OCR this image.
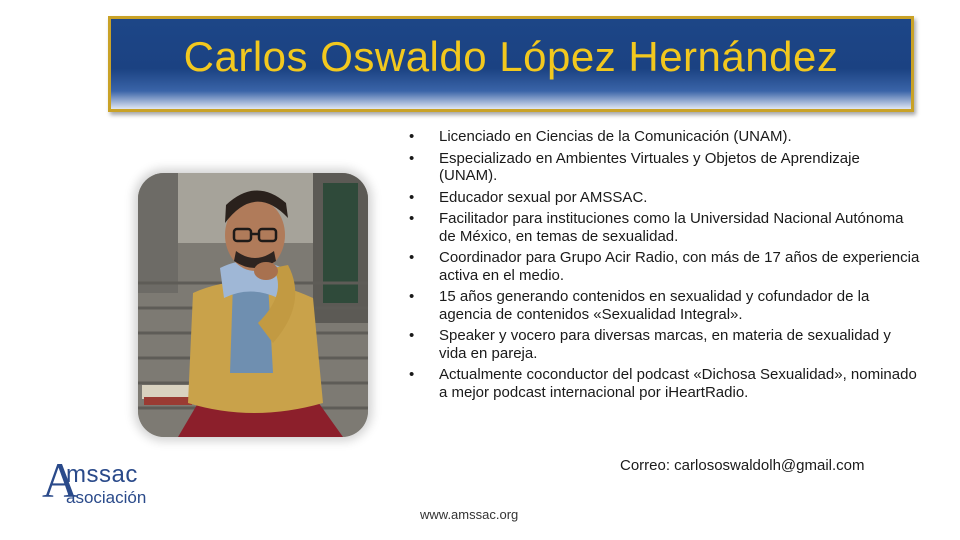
Carlos Oswaldo López Hernández
• Licenciado en Ciencias de la Comunicación (UNAM).
• Especializado en Ambientes Virtuales y Objetos de Aprendizaje (UNAM).
• Educador sexual por AMSSAC.
• Facilitador para instituciones como la Universidad Nacional Autónoma de México, en temas de sexualidad.
• Coordinador para Grupo Acir Radio, con más de 17 años de experiencia activa en el medio.
• 15 años generando contenidos en sexualidad y cofundador de la agencia de contenidos «Sexualidad Integral».
• Speaker y vocero para diversas marcas, en materia de sexualidad y vida en pareja.
• Actualmente coconductor del podcast «Dichosa Sexualidad», nominado a mejor podcast internacional por iHeartRadio.
Correo: carlososwaldolh@gmail.com
A
mssac
asociación
www.amssac.org
